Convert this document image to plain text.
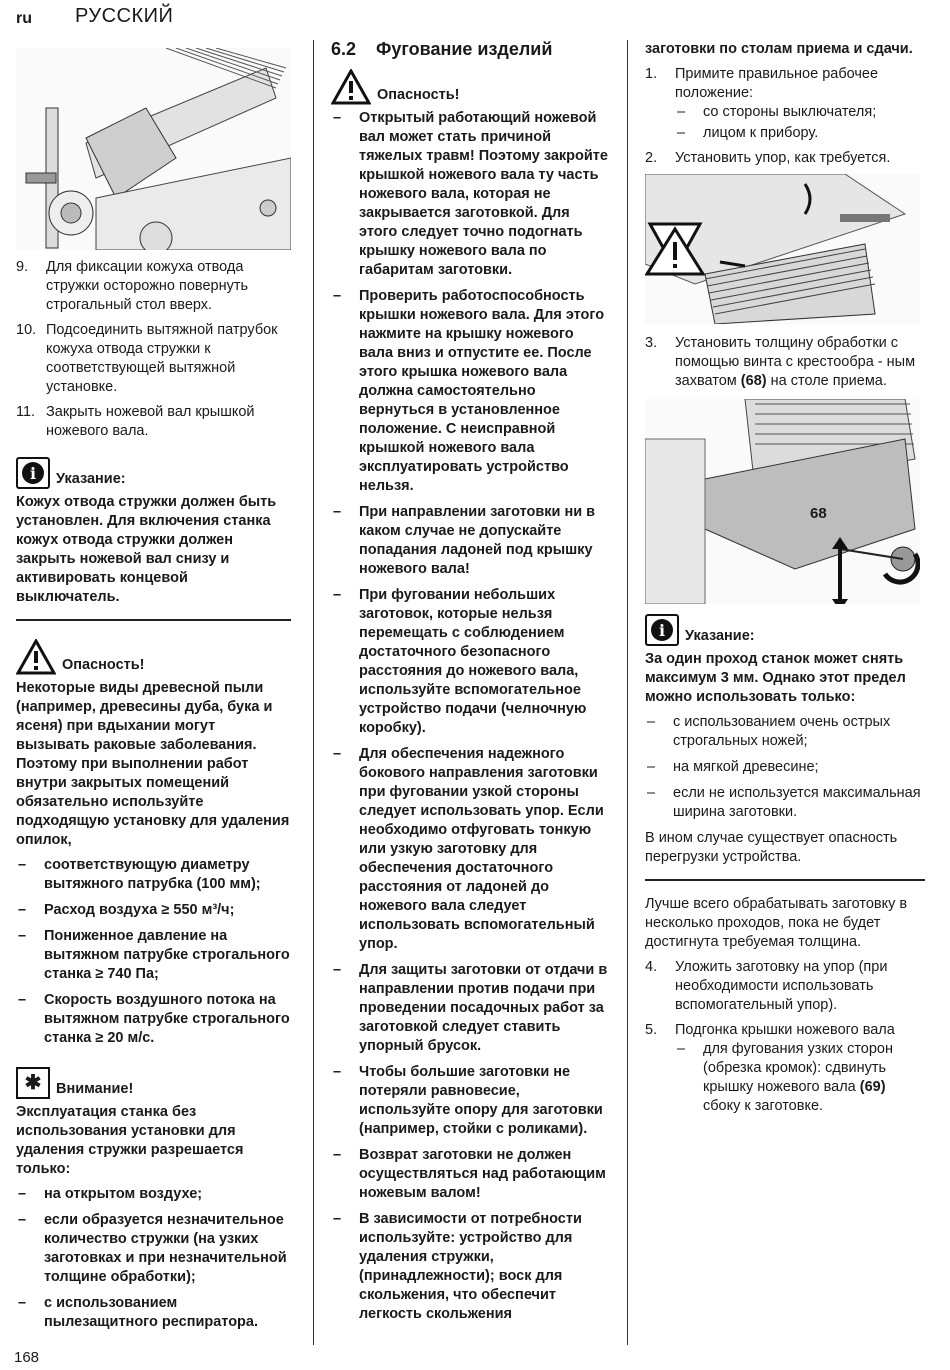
ru РУССКИЙ
9. Для фиксации кожуха отвода стружки осторожно повернуть строгальный стол вверх.
10. Подсоединить вытяжной патрубок кожуха отвода стружки к соответствующей вытяжной установке.
11. Закрыть ножевой вал крышкой ножевого вала.
i	Указание:

Кожух отвода стружки должен быть установлен. Для включения станка кожух отвода стружки должен закрыть ножевой вал снизу и активировать концевой выключатель.

Опасность!

Некоторые виды древесной пыли (например, древесины дуба, бука и ясеня) при вдыхании могут вызывать раковые заболевания. Поэтому при выполнении работ внутри закрытых помещений обязательно используйте подходящую установку для удаления опилок,

– соответствующую диаметру вытяжного патрубка (100 мм);
– Расход воздуха ≥ 550 м³/ч;
– Пониженное давление на вытяжном патрубке строгального станка ≥ 740 Па;
– Скорость воздушного потока на вытяжном патрубке строгального станка ≥ 20 м/с.
✱	Внимание!

Эксплуатация станка без использования установки для удаления стружки разрешается только:

– на открытом воздухе;
– если образуется незначительное количество стружки (на узких заготовках и при незначительной толщине обработки);
– с использованием пылезащитного респиратора.
6.2 Фугование изделий
Опасность!
– Открытый работающий ножевой вал может стать причиной тяжелых травм! Поэтому закройте крышкой ножевого вала ту часть ножевого вала, которая не закрывается заготовкой. Для этого следует точно подогнать крышку ножевого вала по габаритам заготовки.
– Проверить работоспособность крышки ножевого вала. Для этого нажмите на крышку ножевого вала вниз и отпустите ее. После этого крышка ножевого вала должна самостоятельно вернуться в установленное положение. С неисправной крышкой ножевого вала эксплуатировать устройство нельзя.
– При направлении заготовки ни в каком случае не допускайте попадания ладоней под крышку ножевого вала!
– При фуговании небольших заготовок, которые нельзя перемещать с соблюдением достаточного безопасного расстояния до ножевого вала, используйте вспомогательное устройство подачи (челночную коробку).
– Для обеспечения надежного бокового направления заготовки при фуговании узкой стороны следует использовать упор. Если необходимо отфуговать тонкую или узкую заготовку для обеспечения достаточного расстояния от ладоней до ножевого вала следует использовать вспомогательный упор.
– Для защиты заготовки от отдачи в направлении против подачи при проведении посадочных работ за заготовкой следует ставить упорный брусок.
– Чтобы большие заготовки не потеряли равновесие, используйте опору для заготовки (например, стойки с роликами).
– Возврат заготовки не должен осуществляться над работающим ножевым валом!
– В зависимости от потребности используйте: устройство для удаления стружки, (принадлежности); воск для скольжения, что обеспечит легкость скольжения

заготовки по столам приема и сдачи.

1. Примите правильное рабочее положение:
– со стороны выключателя;
– лицом к прибору.
2. Установить упор, как требуется.
3. Установить толщину обработки с помощью винта с крестообра - ным захватом (68) на столе приема.
68
i	Указание:

За один проход станок может снять максимум 3 мм. Однако этот предел можно использовать только:

– с использованием очень острых строгальных ножей;
– на мягкой древесине;
– если не используется максимальная ширина заготовки.

В ином случае существует опасность перегрузки устройства.

Лучше всего обрабатывать заготовку в несколько проходов, пока не будет достигнута требуемая толщина.

4. Уложить заготовку на упор (при необходимости использовать вспомогательный упор).
5. Подгонка крышки ножевого вала
– для фугования узких сторон (обрезка кромок): сдвинуть крышку ножевого вала (69) сбоку к заготовке.
168
